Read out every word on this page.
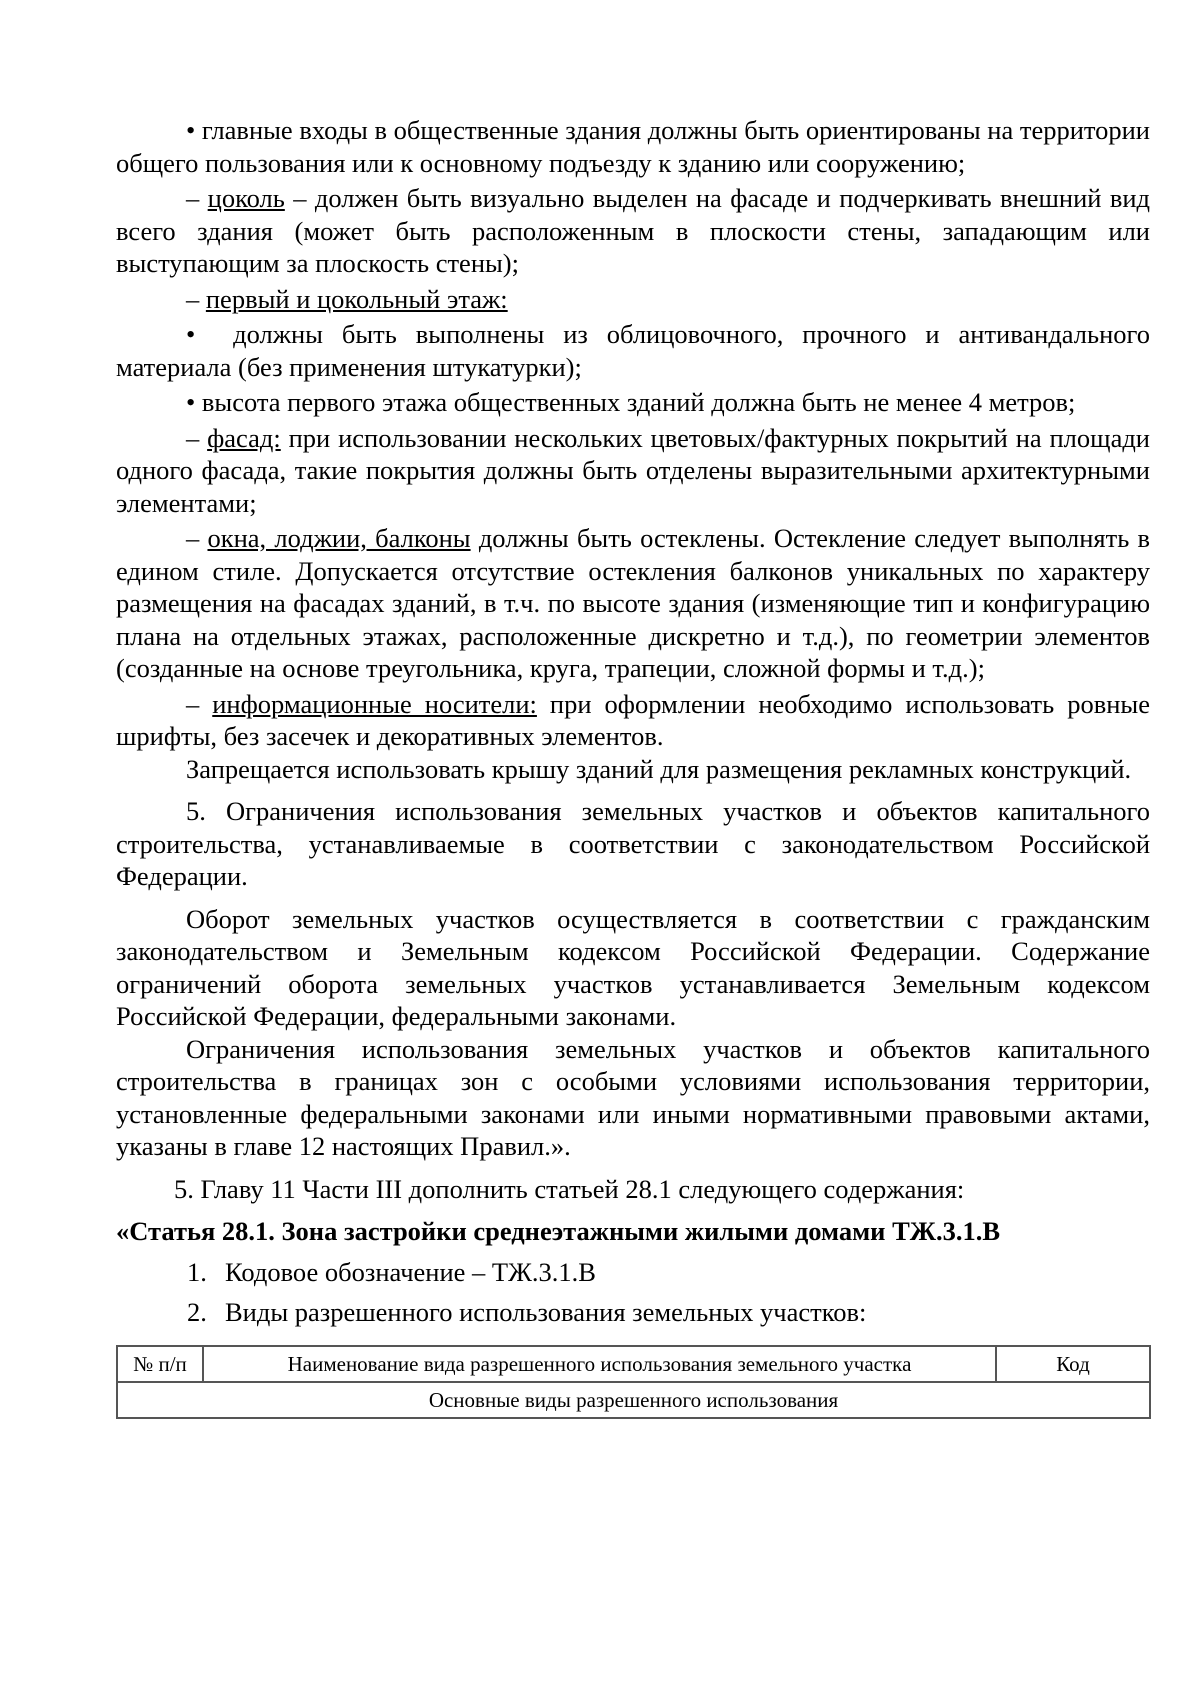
• главные входы в общественные здания должны быть ориентированы на территории общего пользования или к основному подъезду к зданию или сооружению;

– цоколь – должен быть визуально выделен на фасаде и подчеркивать внешний вид всего здания (может быть расположенным в плоскости стены, западающим или выступающим за плоскость стены);

– первый и цокольный этаж:

•  должны быть выполнены из облицовочного, прочного и антивандального материала (без применения штукатурки);

• высота первого этажа общественных зданий должна быть не менее 4 метров;

– фасад: при использовании нескольких цветовых/фактурных покрытий на площади одного фасада, такие покрытия должны быть отделены выразительными архитектурными элементами;

– окна, лоджии, балконы должны быть остеклены. Остекление следует выполнять в едином стиле. Допускается отсутствие остекления балконов уникальных по характеру размещения на фасадах зданий, в т.ч. по высоте здания (изменяющие тип и конфигурацию плана на отдельных этажах, расположенные дискретно и т.д.), по геометрии элементов (созданные на основе треугольника, круга, трапеции, сложной формы и т.д.);

– информационные носители: при оформлении необходимо использовать ровные шрифты, без засечек и декоративных элементов.

Запрещается использовать крышу зданий для размещения рекламных конструкций.

5. Ограничения использования земельных участков и объектов капитального строительства, устанавливаемые в соответствии с законодательством Российской Федерации.

Оборот земельных участков осуществляется в соответствии с гражданским законодательством и Земельным кодексом Российской Федерации. Содержание ограничений оборота земельных участков устанавливается Земельным кодексом Российской Федерации, федеральными законами.

Ограничения использования земельных участков и объектов капитального строительства в границах зон с особыми условиями использования территории, установленные федеральными законами или иными нормативными правовыми актами, указаны в главе 12 настоящих Правил.».

5. Главу 11 Части III дополнить статьей 28.1 следующего содержания:

«Статья 28.1. Зона застройки среднеэтажными жилыми домами ТЖ.3.1.В

1. Кодовое обозначение – ТЖ.3.1.В
2. Виды разрешенного использования земельных участков:
№ п/п	Наименование вида разрешенного использования земельного участка	Код
Основные виды разрешенного использования
